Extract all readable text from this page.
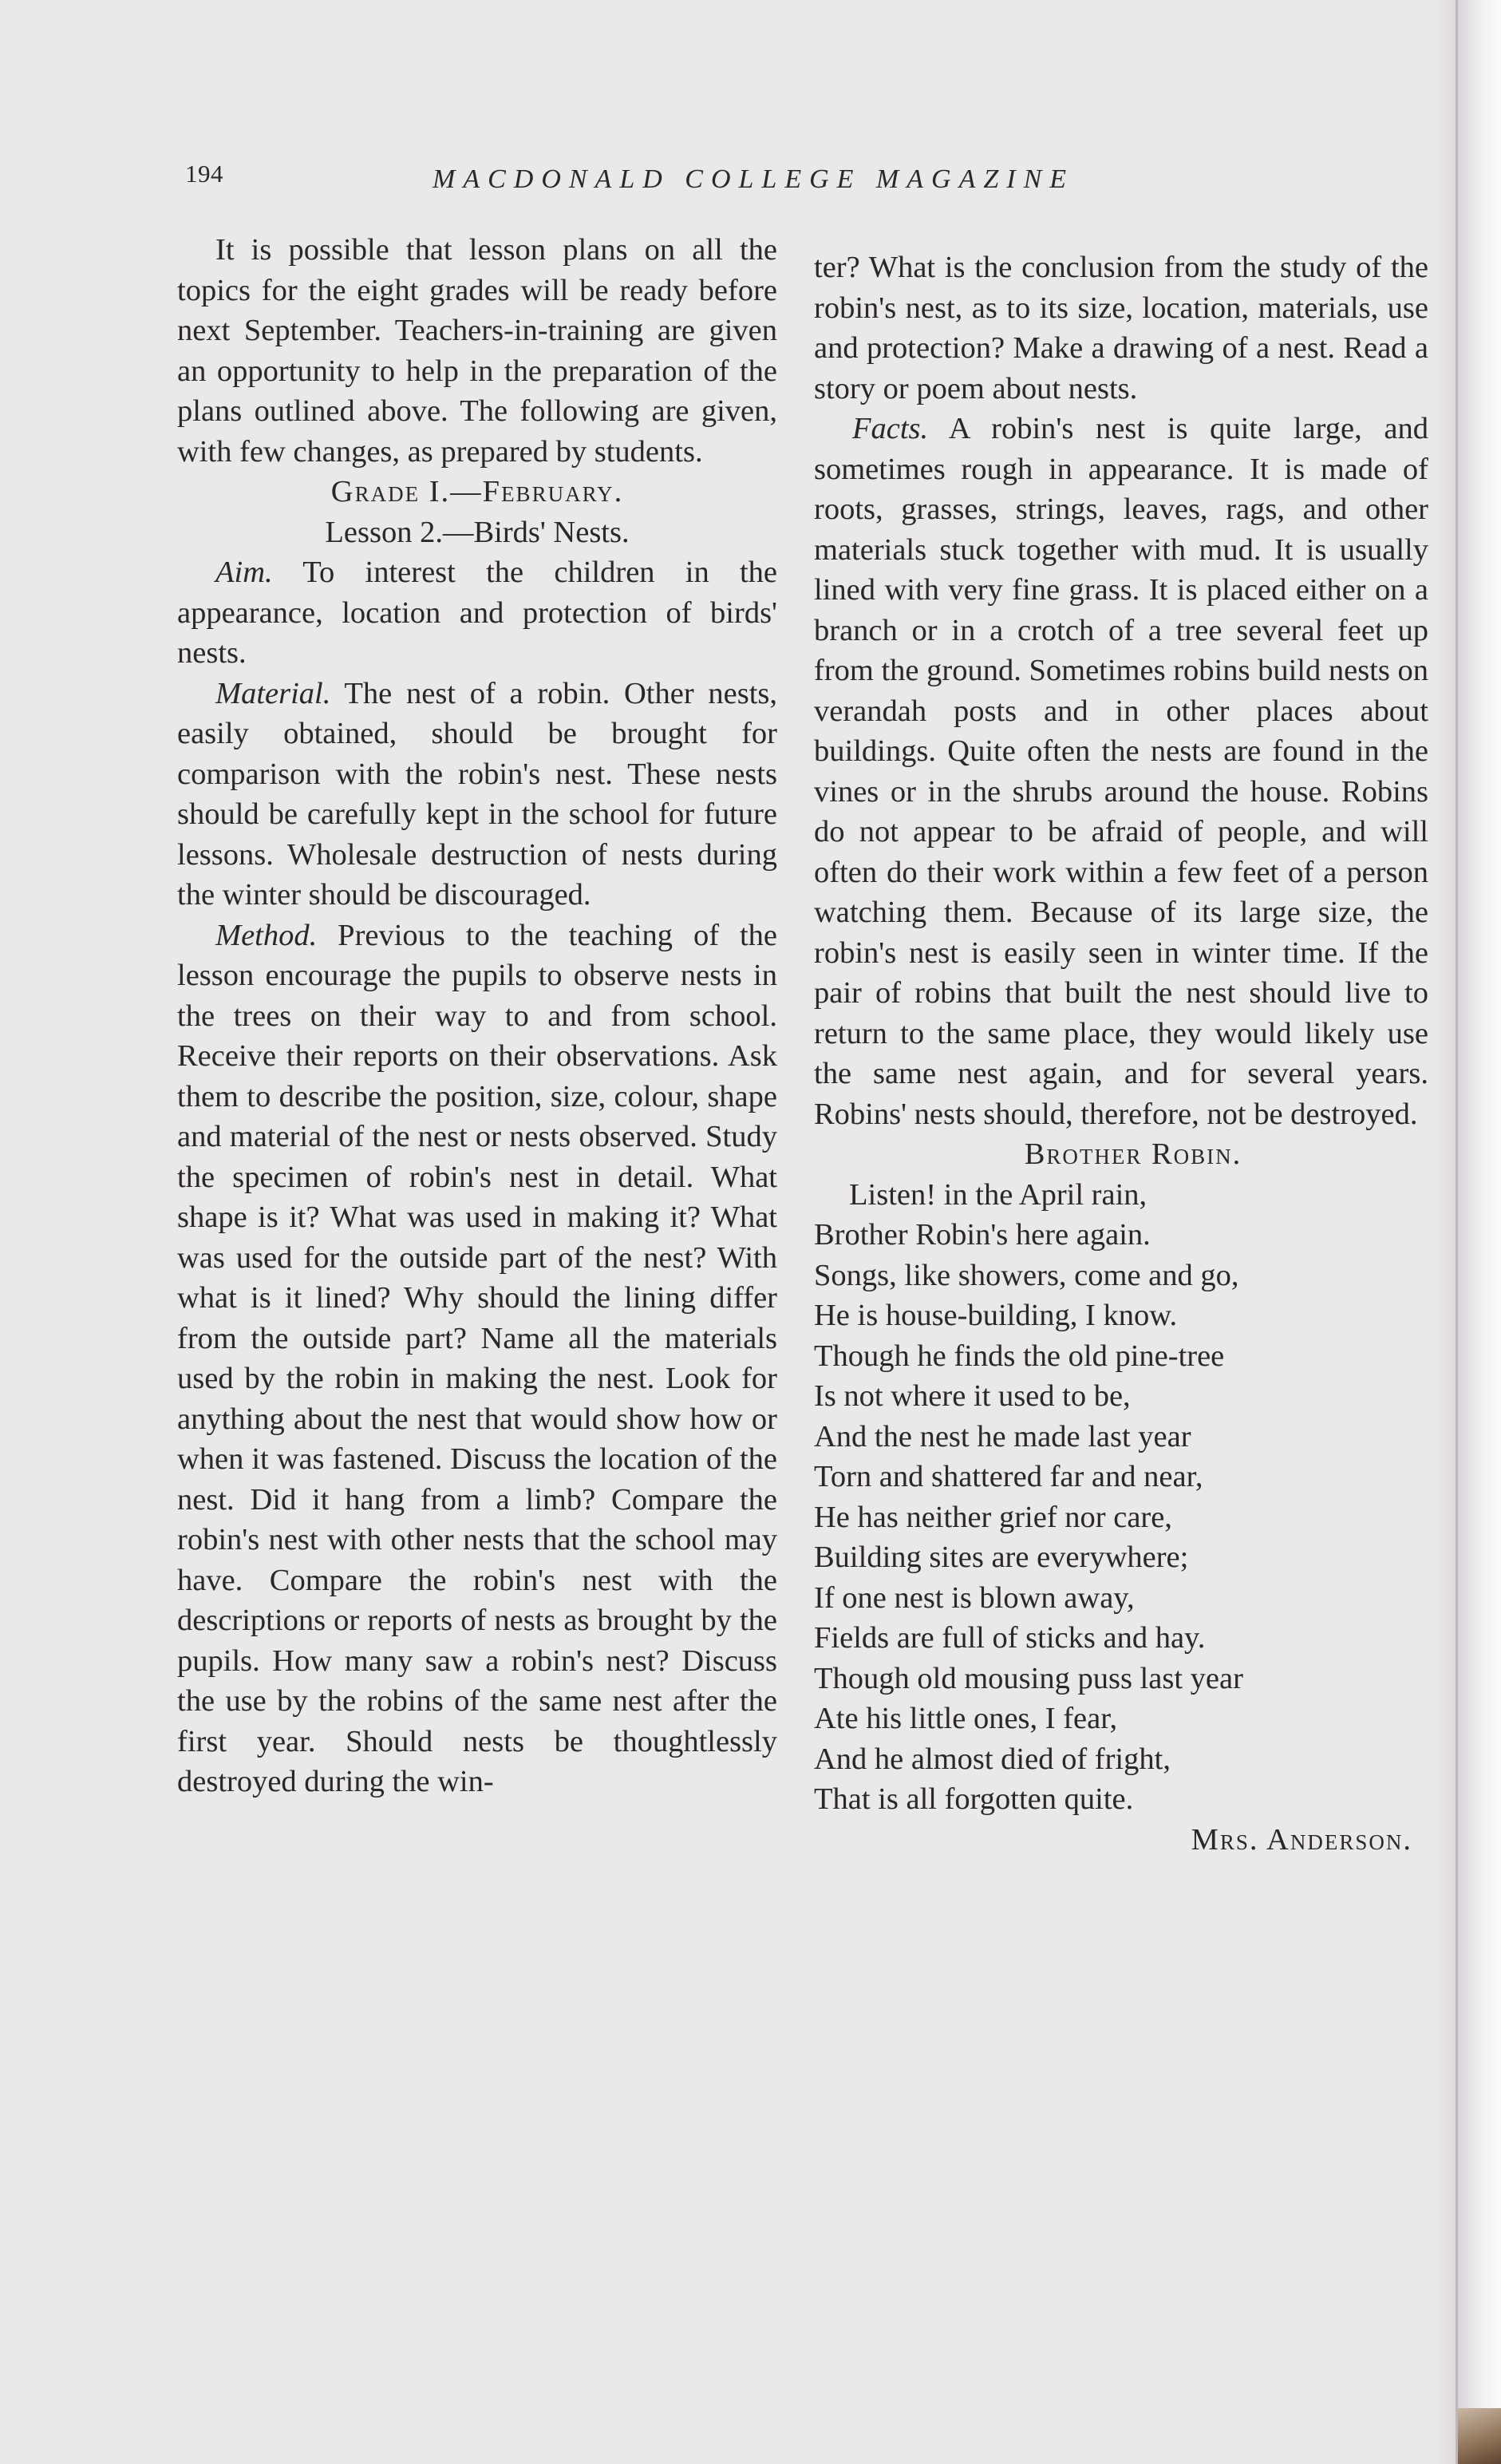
194	MACDONALD COLLEGE MAGAZINE

It is possible that lesson plans on all the topics for the eight grades will be ready before next September. Teachers-in-training are given an opportunity to help in the preparation of the plans outlined above. The following are given, with few changes, as prepared by students.

Grade I.—February.

Lesson 2.—Birds' Nests.

Aim. To interest the children in the appearance, location and protection of birds' nests.

Material. The nest of a robin. Other nests, easily obtained, should be brought for comparison with the robin's nest. These nests should be carefully kept in the school for future lessons. Wholesale destruction of nests during the winter should be discouraged.

Method. Previous to the teaching of the lesson encourage the pupils to observe nests in the trees on their way to and from school. Receive their reports on their observations. Ask them to describe the position, size, colour, shape and material of the nest or nests observed. Study the specimen of robin's nest in detail. What shape is it? What was used in making it? What was used for the outside part of the nest? With what is it lined? Why should the lining differ from the outside part? Name all the materials used by the robin in making the nest. Look for anything about the nest that would show how or when it was fastened. Discuss the location of the nest. Did it hang from a limb? Compare the robin's nest with other nests that the school may have. Compare the robin's nest with the descriptions or reports of nests as brought by the pupils. How many saw a robin's nest? Discuss the use by the robins of the same nest after the first year. Should nests be thoughtlessly destroyed during the win-

ter? What is the conclusion from the study of the robin's nest, as to its size, location, materials, use and protection? Make a drawing of a nest. Read a story or poem about nests.

Facts. A robin's nest is quite large, and sometimes rough in appearance. It is made of roots, grasses, strings, leaves, rags, and other materials stuck together with mud. It is usually lined with very fine grass. It is placed either on a branch or in a crotch of a tree several feet up from the ground. Sometimes robins build nests on verandah posts and in other places about buildings. Quite often the nests are found in the vines or in the shrubs around the house. Robins do not appear to be afraid of people, and will often do their work within a few feet of a person watching them. Because of its large size, the robin's nest is easily seen in winter time. If the pair of robins that built the nest should live to return to the same place, they would likely use the same nest again, and for several years. Robins' nests should, therefore, not be destroyed.

Brother Robin.

Listen! in the April rain,
Brother Robin's here again.
Songs, like showers, come and go,
He is house-building, I know.
Though he finds the old pine-tree
Is not where it used to be,
And the nest he made last year
Torn and shattered far and near,
He has neither grief nor care,
Building sites are everywhere;
If one nest is blown away,
Fields are full of sticks and hay.
Though old mousing puss last year
Ate his little ones, I fear,
And he almost died of fright,
That is all forgotten quite.

Mrs. Anderson.
